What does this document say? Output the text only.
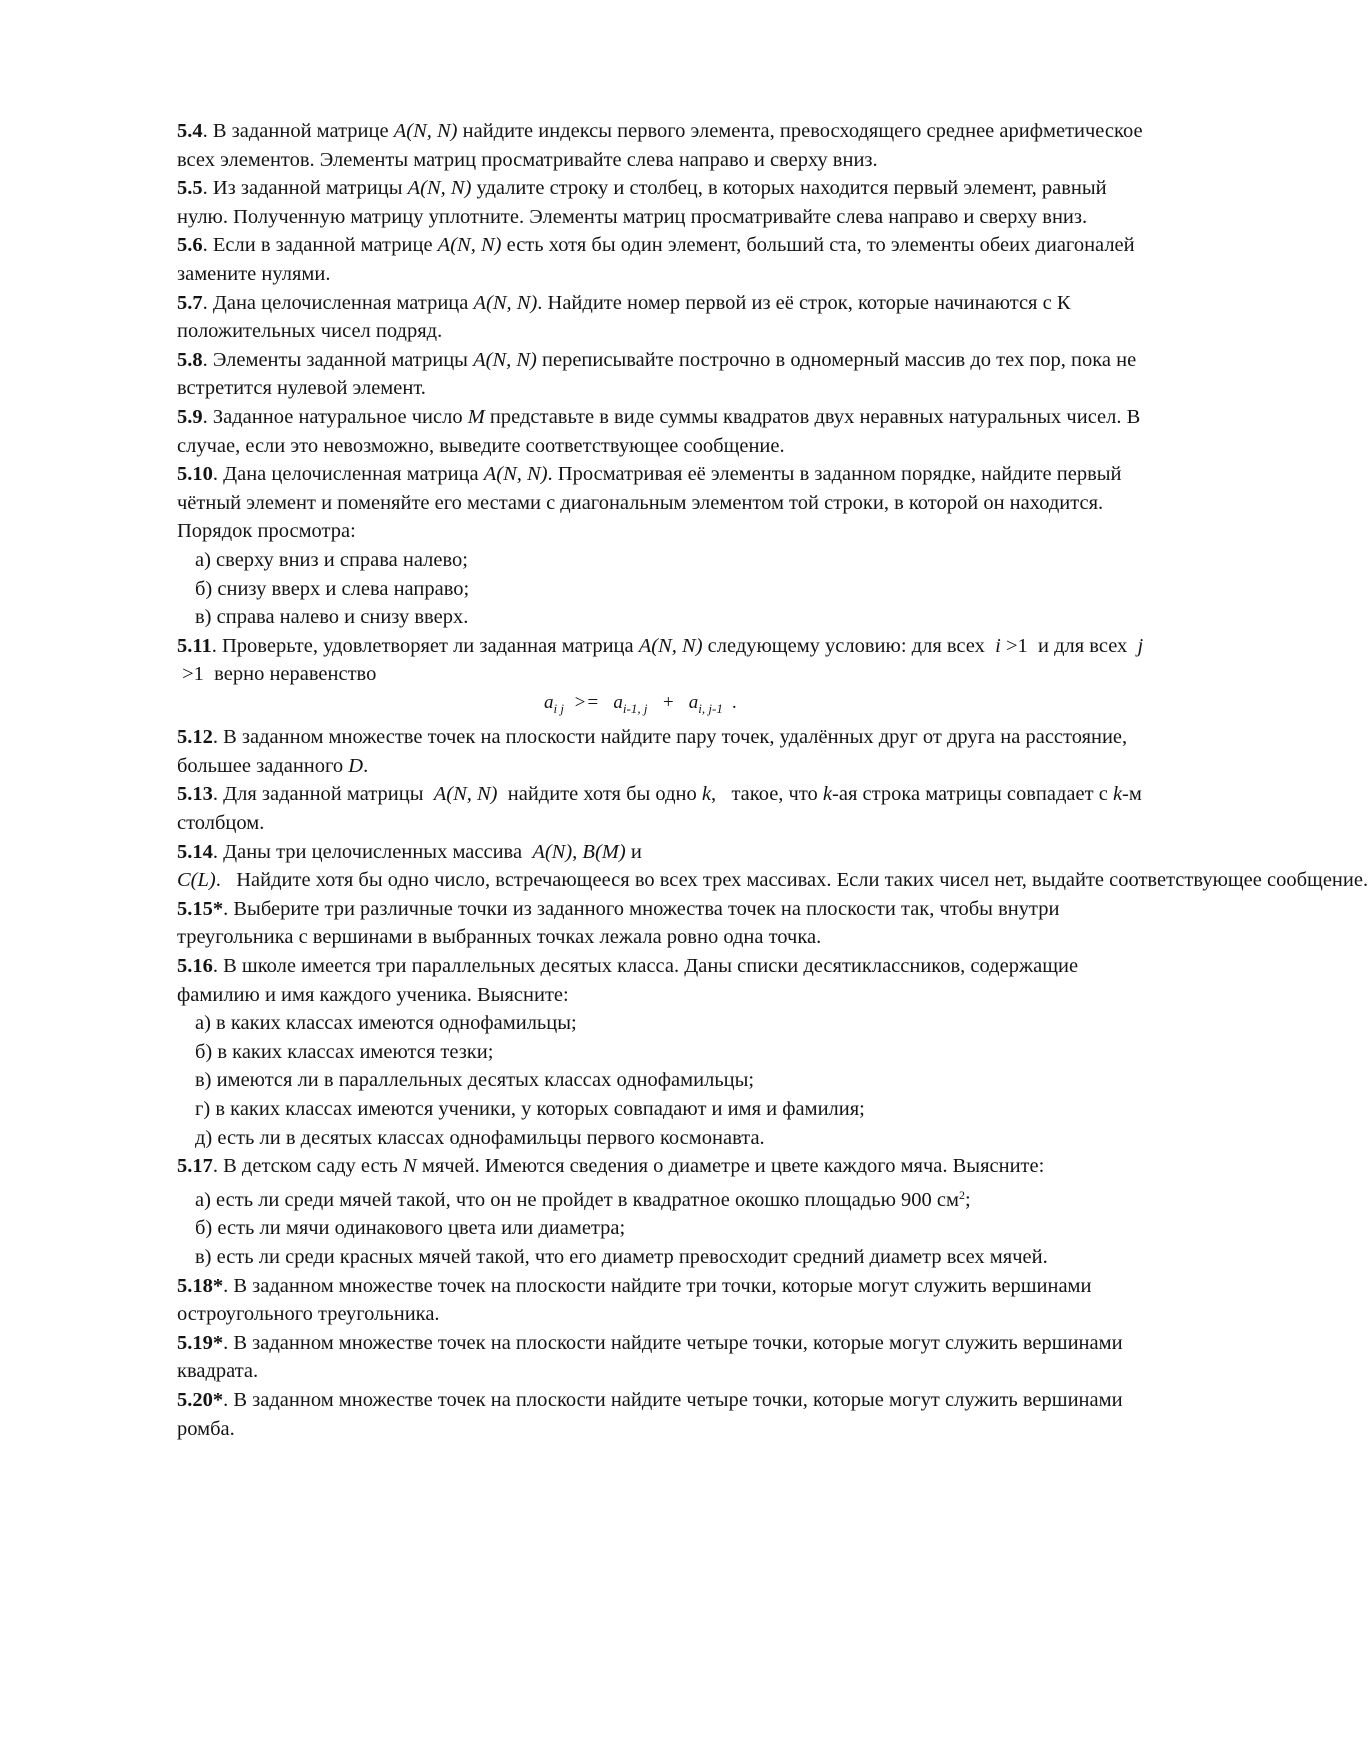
5.4. В заданной матрице A(N, N) найдите индексы первого элемента, превосходящего среднее арифметическое всех элементов. Элементы матриц просматривайте слева направо и сверху вниз.

5.5. Из заданной матрицы A(N, N) удалите строку и столбец, в которых находится первый элемент, равный нулю. Полученную матрицу уплотните. Элементы матриц просматривайте слева направо и сверху вниз.

5.6. Если в заданной матрице A(N, N) есть хотя бы один элемент, больший ста, то элементы обеих диагоналей замените нулями.

5.7. Дана целочисленная матрица A(N, N). Найдите номер первой из её строк, которые начинаются с К положительных чисел подряд.

5.8. Элементы заданной матрицы A(N, N) переписывайте построчно в одномерный массив до тех пор, пока не встретится нулевой элемент.

5.9. Заданное натуральное число M представьте в виде суммы квадратов двух неравных натуральных чисел. В случае, если это невозможно, выведите соответствующее сообщение.

5.10. Дана целочисленная матрица A(N, N). Просматривая её элементы в заданном порядке, найдите первый чётный элемент и поменяйте его местами с диагональным элементом той строки, в которой он находится. Порядок просмотра:

а) сверху вниз и справа налево;

б) снизу вверх и слева направо;

в) справа налево и снизу вверх.

5.11. Проверьте, удовлетворяет ли заданная матрица A(N, N) следующему условию: для всех  i >1  и для всех  j >1  верно неравенство

$a_{i j} >= a_{i-1, j} + a_{i, j-1}$  .

5.12. В заданном множестве точек на плоскости найдите пару точек, удалённых друг от друга на расстояние, большее заданного D.

5.13. Для заданной матрицы  A(N, N)  найдите хотя бы одно k,   такое, что k-ая строка матрицы совпадает с k-м столбцом.

5.14. Даны три целочисленных массива  A(N), B(M) и C(L).   Найдите хотя бы одно число, встречающееся во всех трех массивах. Если таких чисел нет, выдайте соответствующее сообщение.

5.15*. Выберите три различные точки из заданного множества точек на плоскости так, чтобы внутри треугольника с вершинами в выбранных точках лежала ровно одна точка.

5.16. В школе имеется три параллельных десятых класса. Даны списки десятиклассников, содержащие фамилию и имя каждого ученика. Выясните:

а) в каких классах имеются однофамильцы;

б) в каких классах имеются тезки;

в) имеются ли в параллельных десятых классах однофамильцы;

г) в каких классах имеются ученики, у которых совпадают и имя и фамилия;

д) есть ли в десятых классах однофамильцы первого космонавта.

5.17. В детском саду есть N мячей. Имеются сведения о диаметре и цвете каждого мяча. Выясните:

а) есть ли среди мячей такой, что он не пройдет в квадратное окошко площадью 900 $см^2$;

б) есть ли мячи одинакового цвета или диаметра;

в) есть ли среди красных мячей такой, что его диаметр превосходит средний диаметр всех мячей.

5.18*. В заданном множестве точек на плоскости найдите три точки, которые могут служить вершинами остроугольного треугольника.

5.19*. В заданном множестве точек на плоскости найдите четыре точки, которые могут служить вершинами квадрата.

5.20*. В заданном множестве точек на плоскости найдите четыре точки, которые могут служить вершинами ромба.
